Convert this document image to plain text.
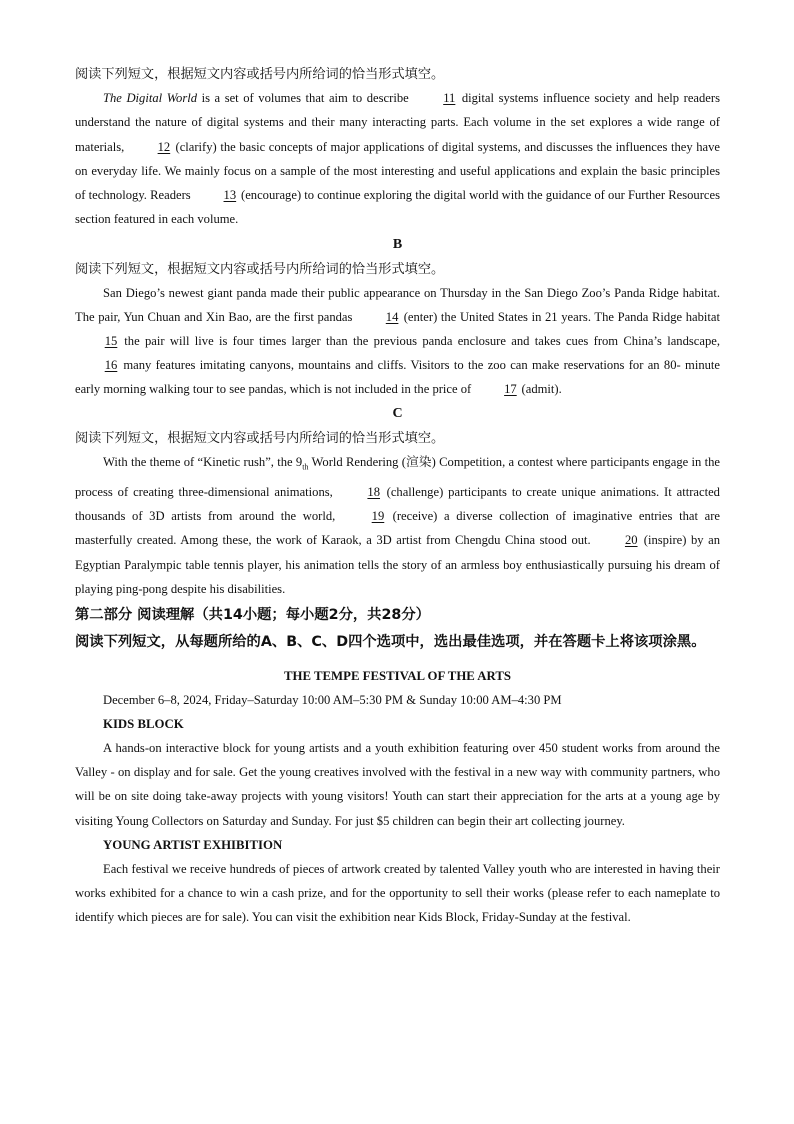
阅读下列短文，根据短文内容或括号内所给词的恰当形式填空。

The Digital World is a set of volumes that aim to describe 11 digital systems influence society and help readers understand the nature of digital systems and their many interacting parts. Each volume in the set explores a wide range of materials, 12 (clarify) the basic concepts of major applications of digital systems, and discusses the influences they have on everyday life. We mainly focus on a sample of the most interesting and useful applications and explain the basic principles of technology. Readers 13 (encourage) to continue exploring the digital world with the guidance of our Further Resources section featured in each volume.

B

阅读下列短文，根据短文内容或括号内所给词的恰当形式填空。

San Diego’s newest giant panda made their public appearance on Thursday in the San Diego Zoo’s Panda Ridge habitat. The pair, Yun Chuan and Xin Bao, are the first pandas 14 (enter) the United States in 21 years. The Panda Ridge habitat 15 the pair will live is four times larger than the previous panda enclosure and takes cues from China’s landscape, 16 many features imitating canyons, mountains and cliffs. Visitors to the zoo can make reservations for an 80- minute early morning walking tour to see pandas, which is not included in the price of 17 (admit).

C

阅读下列短文，根据短文内容或括号内所给词的恰当形式填空。

With the theme of “Kinetic rush”, the $9_{th}$ World Rendering (渲染) Competition, a contest where participants engage in the process of creating three-dimensional animations, 18 (challenge) participants to create unique animations. It attracted thousands of 3D artists from around the world, 19 (receive) a diverse collection of imaginative entries that are masterfully created. Among these, the work of Karaok, a 3D artist from Chengdu China stood out. 20 (inspire) by an Egyptian Paralympic table tennis player, his animation tells the story of an armless boy enthusiastically pursuing his dream of playing ping-pong despite his disabilities.

第二部分 阅读理解（共14小题；每小题2分，共28分）

阅读下列短文，从每题所给的A、B、C、D四个选项中，选出最佳选项，并在答题卡上将该项涂黑。

THE TEMPE FESTIVAL OF THE ARTS

December 6–8, 2024, Friday–Saturday 10:00 AM–5:30 PM & Sunday 10:00 AM–4:30 PM

KIDS BLOCK

A hands-on interactive block for young artists and a youth exhibition featuring over 450 student works from around the Valley - on display and for sale. Get the young creatives involved with the festival in a new way with community partners, who will be on site doing take-away projects with young visitors! Youth can start their appreciation for the arts at a young age by visiting Young Collectors on Saturday and Sunday. For just $5 children can begin their art collecting journey.

YOUNG ARTIST EXHIBITION

Each festival we receive hundreds of pieces of artwork created by talented Valley youth who are interested in having their works exhibited for a chance to win a cash prize, and for the opportunity to sell their works (please refer to each nameplate to identify which pieces are for sale). You can visit the exhibition near Kids Block, Friday-Sunday at the festival.
